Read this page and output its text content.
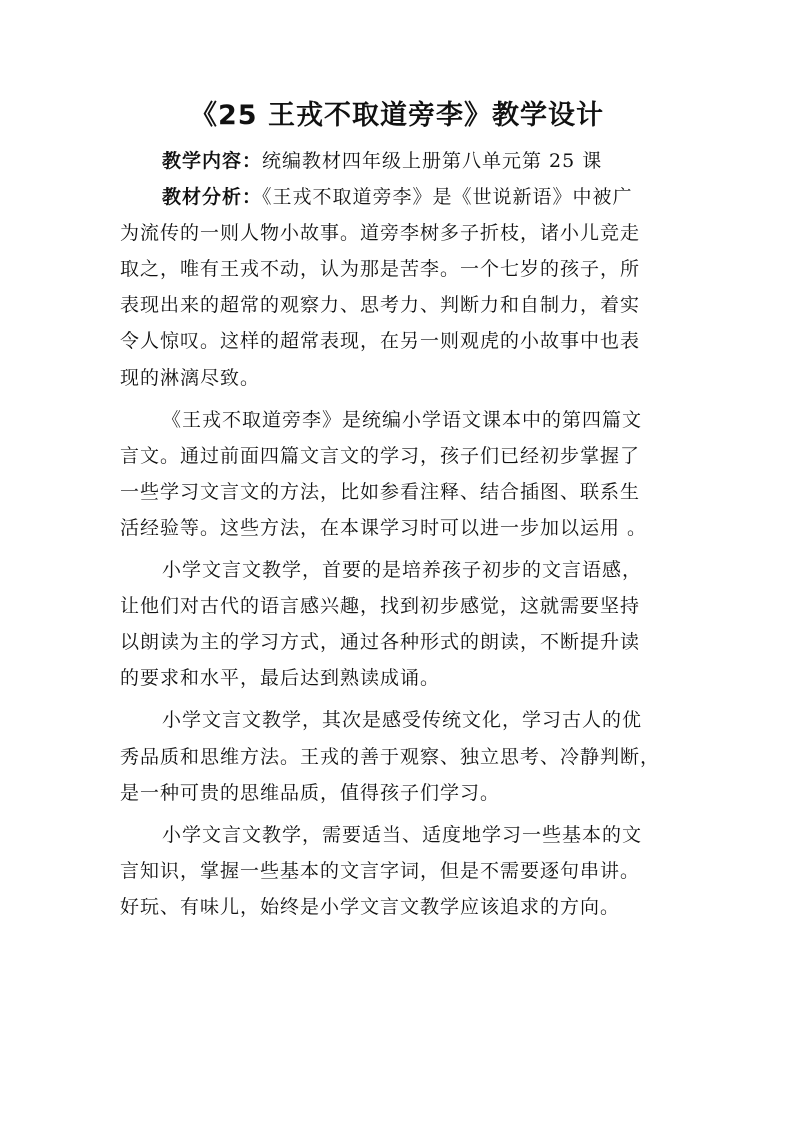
《25 王戎不取道旁李》教学设计
教学内容：统编教材四年级上册第八单元第 25 课
教材分析：《王戎不取道旁李》是《世说新语》中被广
为流传的一则人物小故事。道旁李树多子折枝，诸小儿竞走
取之，唯有王戎不动，认为那是苦李。一个七岁的孩子，所
表现出来的超常的观察力、思考力、判断力和自制力，着实
令人惊叹。这样的超常表现，在另一则观虎的小故事中也表
现的淋漓尽致。
《王戎不取道旁李》是统编小学语文课本中的第四篇文
言文。通过前面四篇文言文的学习，孩子们已经初步掌握了
一些学习文言文的方法，比如参看注释、结合插图、联系生
活经验等。这些方法，在本课学习时可以进一步加以运用 。
小学文言文教学，首要的是培养孩子初步的文言语感，
让他们对古代的语言感兴趣，找到初步感觉，这就需要坚持
以朗读为主的学习方式，通过各种形式的朗读，不断提升读
的要求和水平，最后达到熟读成诵。
小学文言文教学，其次是感受传统文化，学习古人的优
秀品质和思维方法。王戎的善于观察、独立思考、冷静判断，
是一种可贵的思维品质，值得孩子们学习。
小学文言文教学，需要适当、适度地学习一些基本的文
言知识，掌握一些基本的文言字词，但是不需要逐句串讲。
好玩、有味儿，始终是小学文言文教学应该追求的方向。
